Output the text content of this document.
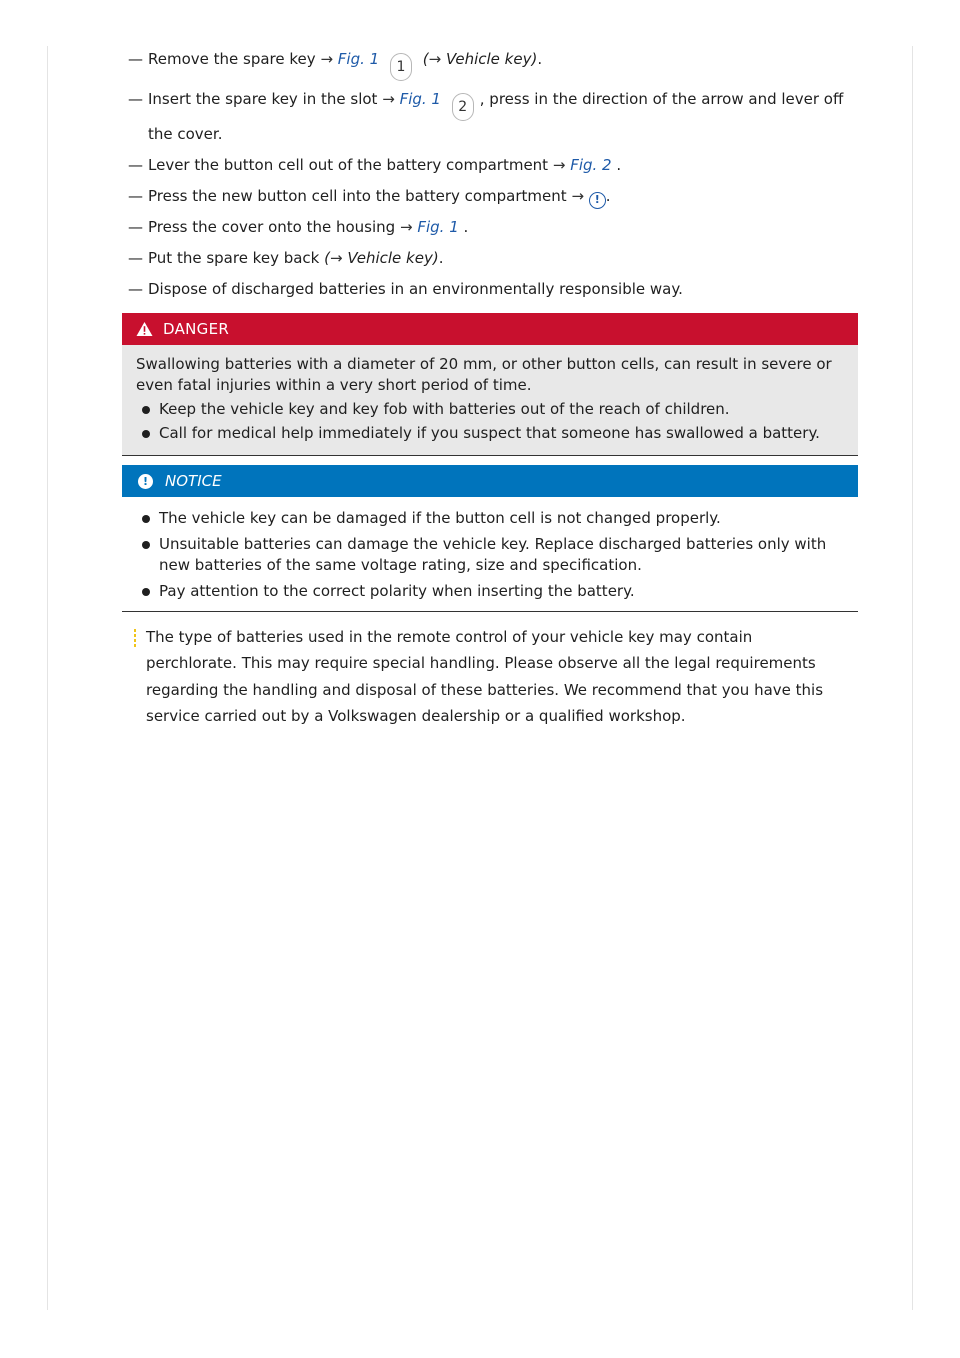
— Remove the spare key → Fig. 1 1 (→ Vehicle key).
— Insert the spare key in the slot → Fig. 1 2 , press in the direction of the arrow and lever off the cover.
— Lever the button cell out of the battery compartment → Fig. 2 .
— Press the new button cell into the battery compartment → ! .
— Press the cover onto the housing → Fig. 1 .
— Put the spare key back (→ Vehicle key).
— Dispose of discharged batteries in an environmentally responsible way.
DANGER
Swallowing batteries with a diameter of 20 mm, or other button cells, can result in severe or even fatal injuries within a very short period of time.
Keep the vehicle key and key fob with batteries out of the reach of children.
Call for medical help immediately if you suspect that someone has swallowed a battery.
!	NOTICE
The vehicle key can be damaged if the button cell is not changed properly.
Unsuitable batteries can damage the vehicle key. Replace discharged batteries only with new batteries of the same voltage rating, size and specification.
Pay attention to the correct polarity when inserting the battery.
The type of batteries used in the remote control of your vehicle key may contain perchlorate. This may require special handling. Please observe all the legal requirements regarding the handling and disposal of these batteries. We recommend that you have this service carried out by a Volkswagen dealership or a qualified workshop.
